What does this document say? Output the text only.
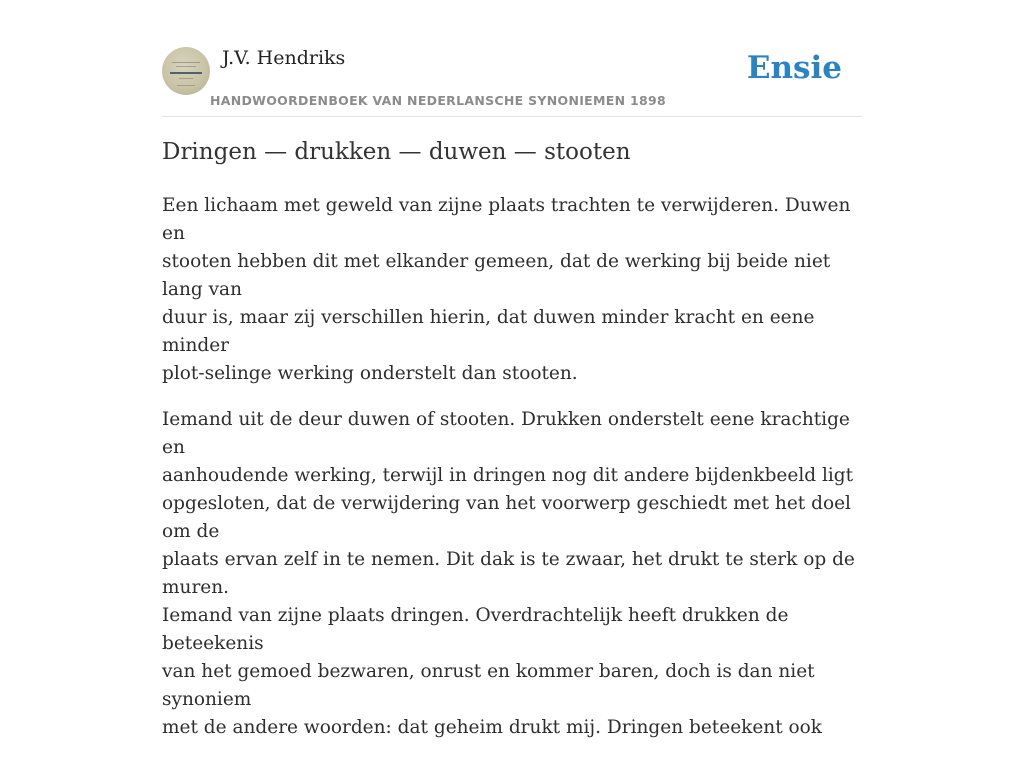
J.V. Hendriks
HANDWOORDENBOEK VAN NEDERLANSCHE SYNONIEMEN 1898
Ensie
Dringen — drukken — duwen — stooten

Een lichaam met geweld van zijne plaats trachten te verwijderen. Duwen en
stooten hebben dit met elkander gemeen, dat de werking bij beide niet lang van
duur is, maar zij verschillen hierin, dat duwen minder kracht en eene minder
plot-selinge werking onderstelt dan stooten.

Iemand uit de deur duwen of stooten. Drukken onderstelt eene krachtige en
aanhoudende werking, terwijl in dringen nog dit andere bijdenkbeeld ligt
opgesloten, dat de verwijdering van het voorwerp geschiedt met het doel om de
plaats ervan zelf in te nemen. Dit dak is te zwaar, het drukt te sterk op de muren.
Iemand van zijne plaats dringen. Overdrachtelijk heeft drukken de beteekenis
van het gemoed bezwaren, onrust en kommer baren, doch is dan niet synoniem
met de andere woorden: dat geheim drukt mij. Dringen beteekent ook
